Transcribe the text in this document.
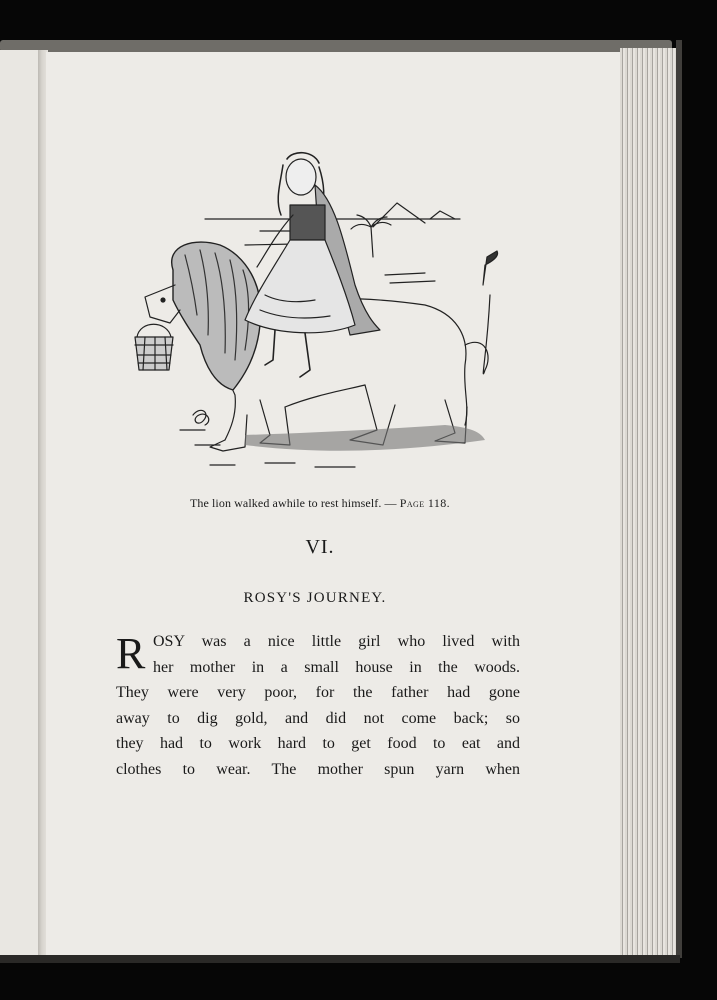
The lion walked awhile to rest himself. — Page 118.
VI.
ROSY'S JOURNEY.
R OSY was a nice little girl who lived with
her mother in a small house in the woods.
They were very poor, for the father had gone
away to dig gold, and did not come back; so
they had to work hard to get food to eat and
clothes to wear. The mother spun yarn when
